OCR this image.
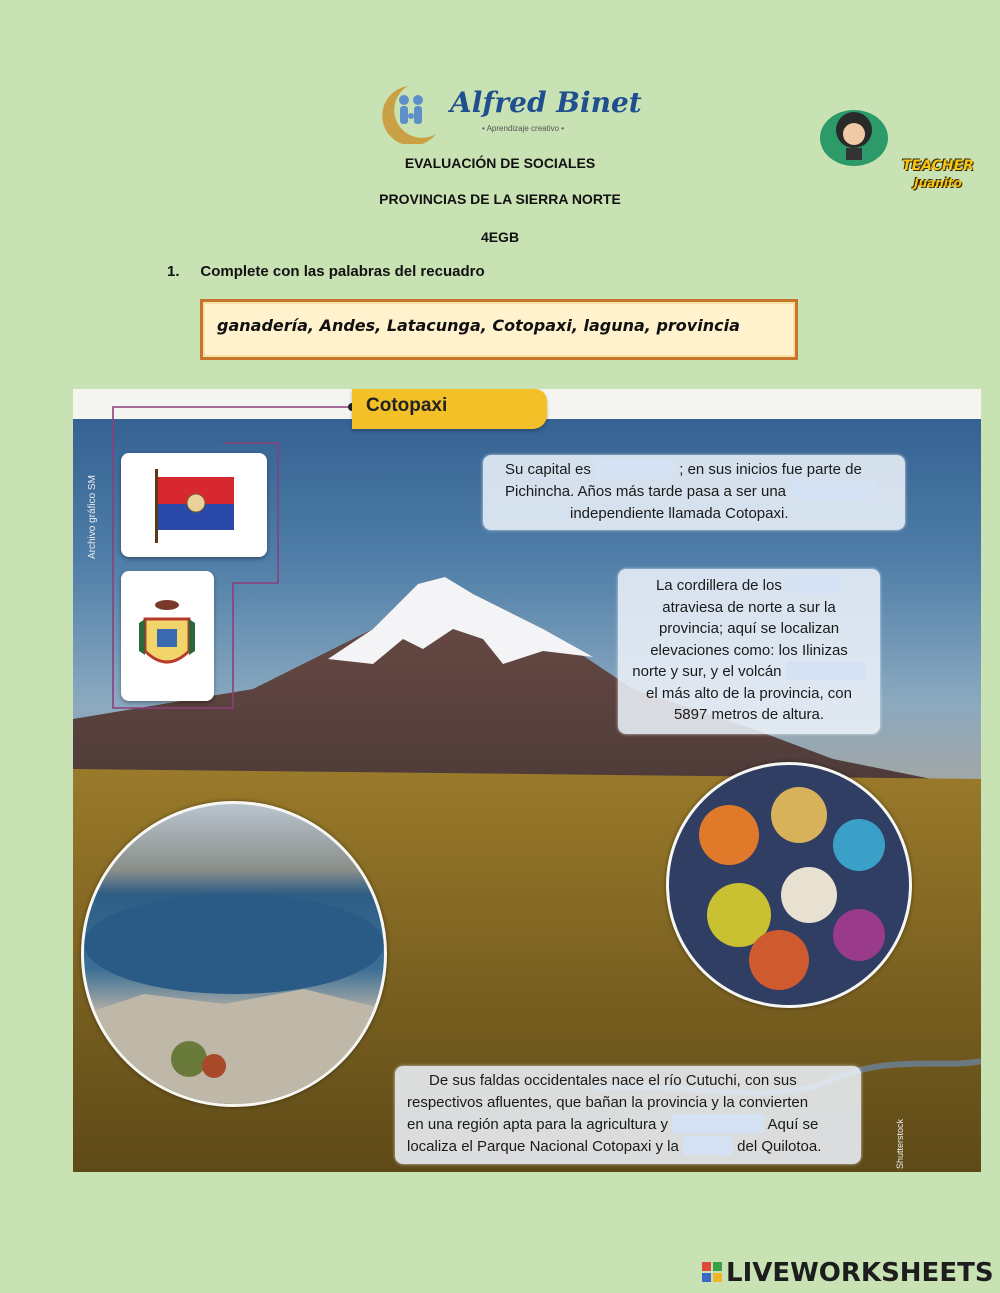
Alfred Binet
• Aprendizaje creativo •
TEACHER
Juanito
EVALUACIÓN DE SOCIALES
PROVINCIAS DE LA SIERRA NORTE
4EGB
1. Complete con las palabras del recuadro
ganadería, Andes, Latacunga, Cotopaxi, laguna, provincia
Cotopaxi
Archivo gráfico SM
Su capital es	; en sus inicios fue parte de
Pichincha. Años más tarde pasa a ser una
independiente llamada Cotopaxi.
La cordillera de los
atraviesa de norte a sur la
provincia; aquí se localizan
elevaciones como: los Ilinizas
norte y sur, y el volcán
el más alto de la provincia, con
5897 metros de altura.
De sus faldas occidentales nace el río Cutuchi, con sus
respectivos afluentes, que bañan la provincia y la convierten
en una región apta para la agricultura y	Aquí se
localiza el Parque Nacional Cotopaxi y la	del Quilotoa.	Shutterstock
LIVEWORKSHEETS
